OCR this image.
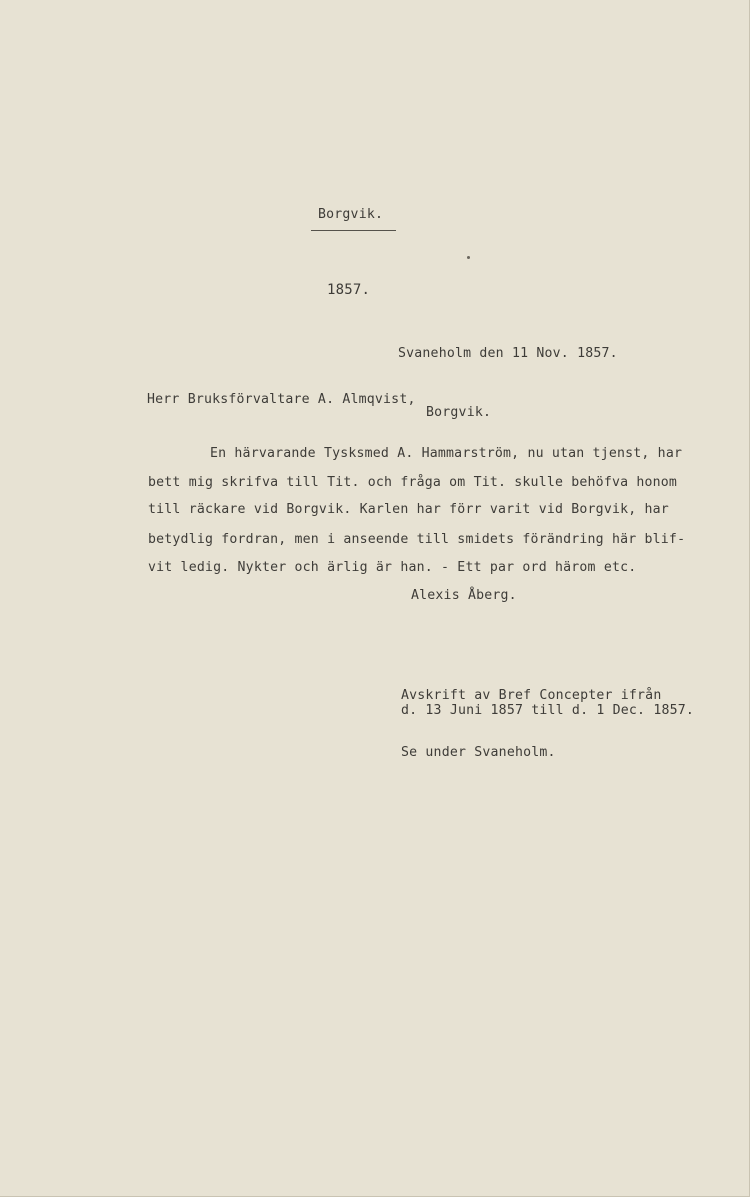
Borgvik.
1857.
Svaneholm den 11 Nov. 1857.
Herr Bruksförvaltare A. Almqvist,
Borgvik.
En härvarande Tysksmed A. Hammarström, nu utan tjenst, har
bett mig skrifva till Tit. och fråga om Tit. skulle behöfva honom
till räckare vid Borgvik. Karlen har förr varit vid Borgvik, har
betydlig fordran, men i anseende till smidets förändring här blif-
vit ledig. Nykter och ärlig är han. - Ett par ord härom etc.
Alexis Åberg.
Avskrift av Bref Concepter ifrån
d. 13 Juni 1857 till d. 1 Dec. 1857.
Se under Svaneholm.
